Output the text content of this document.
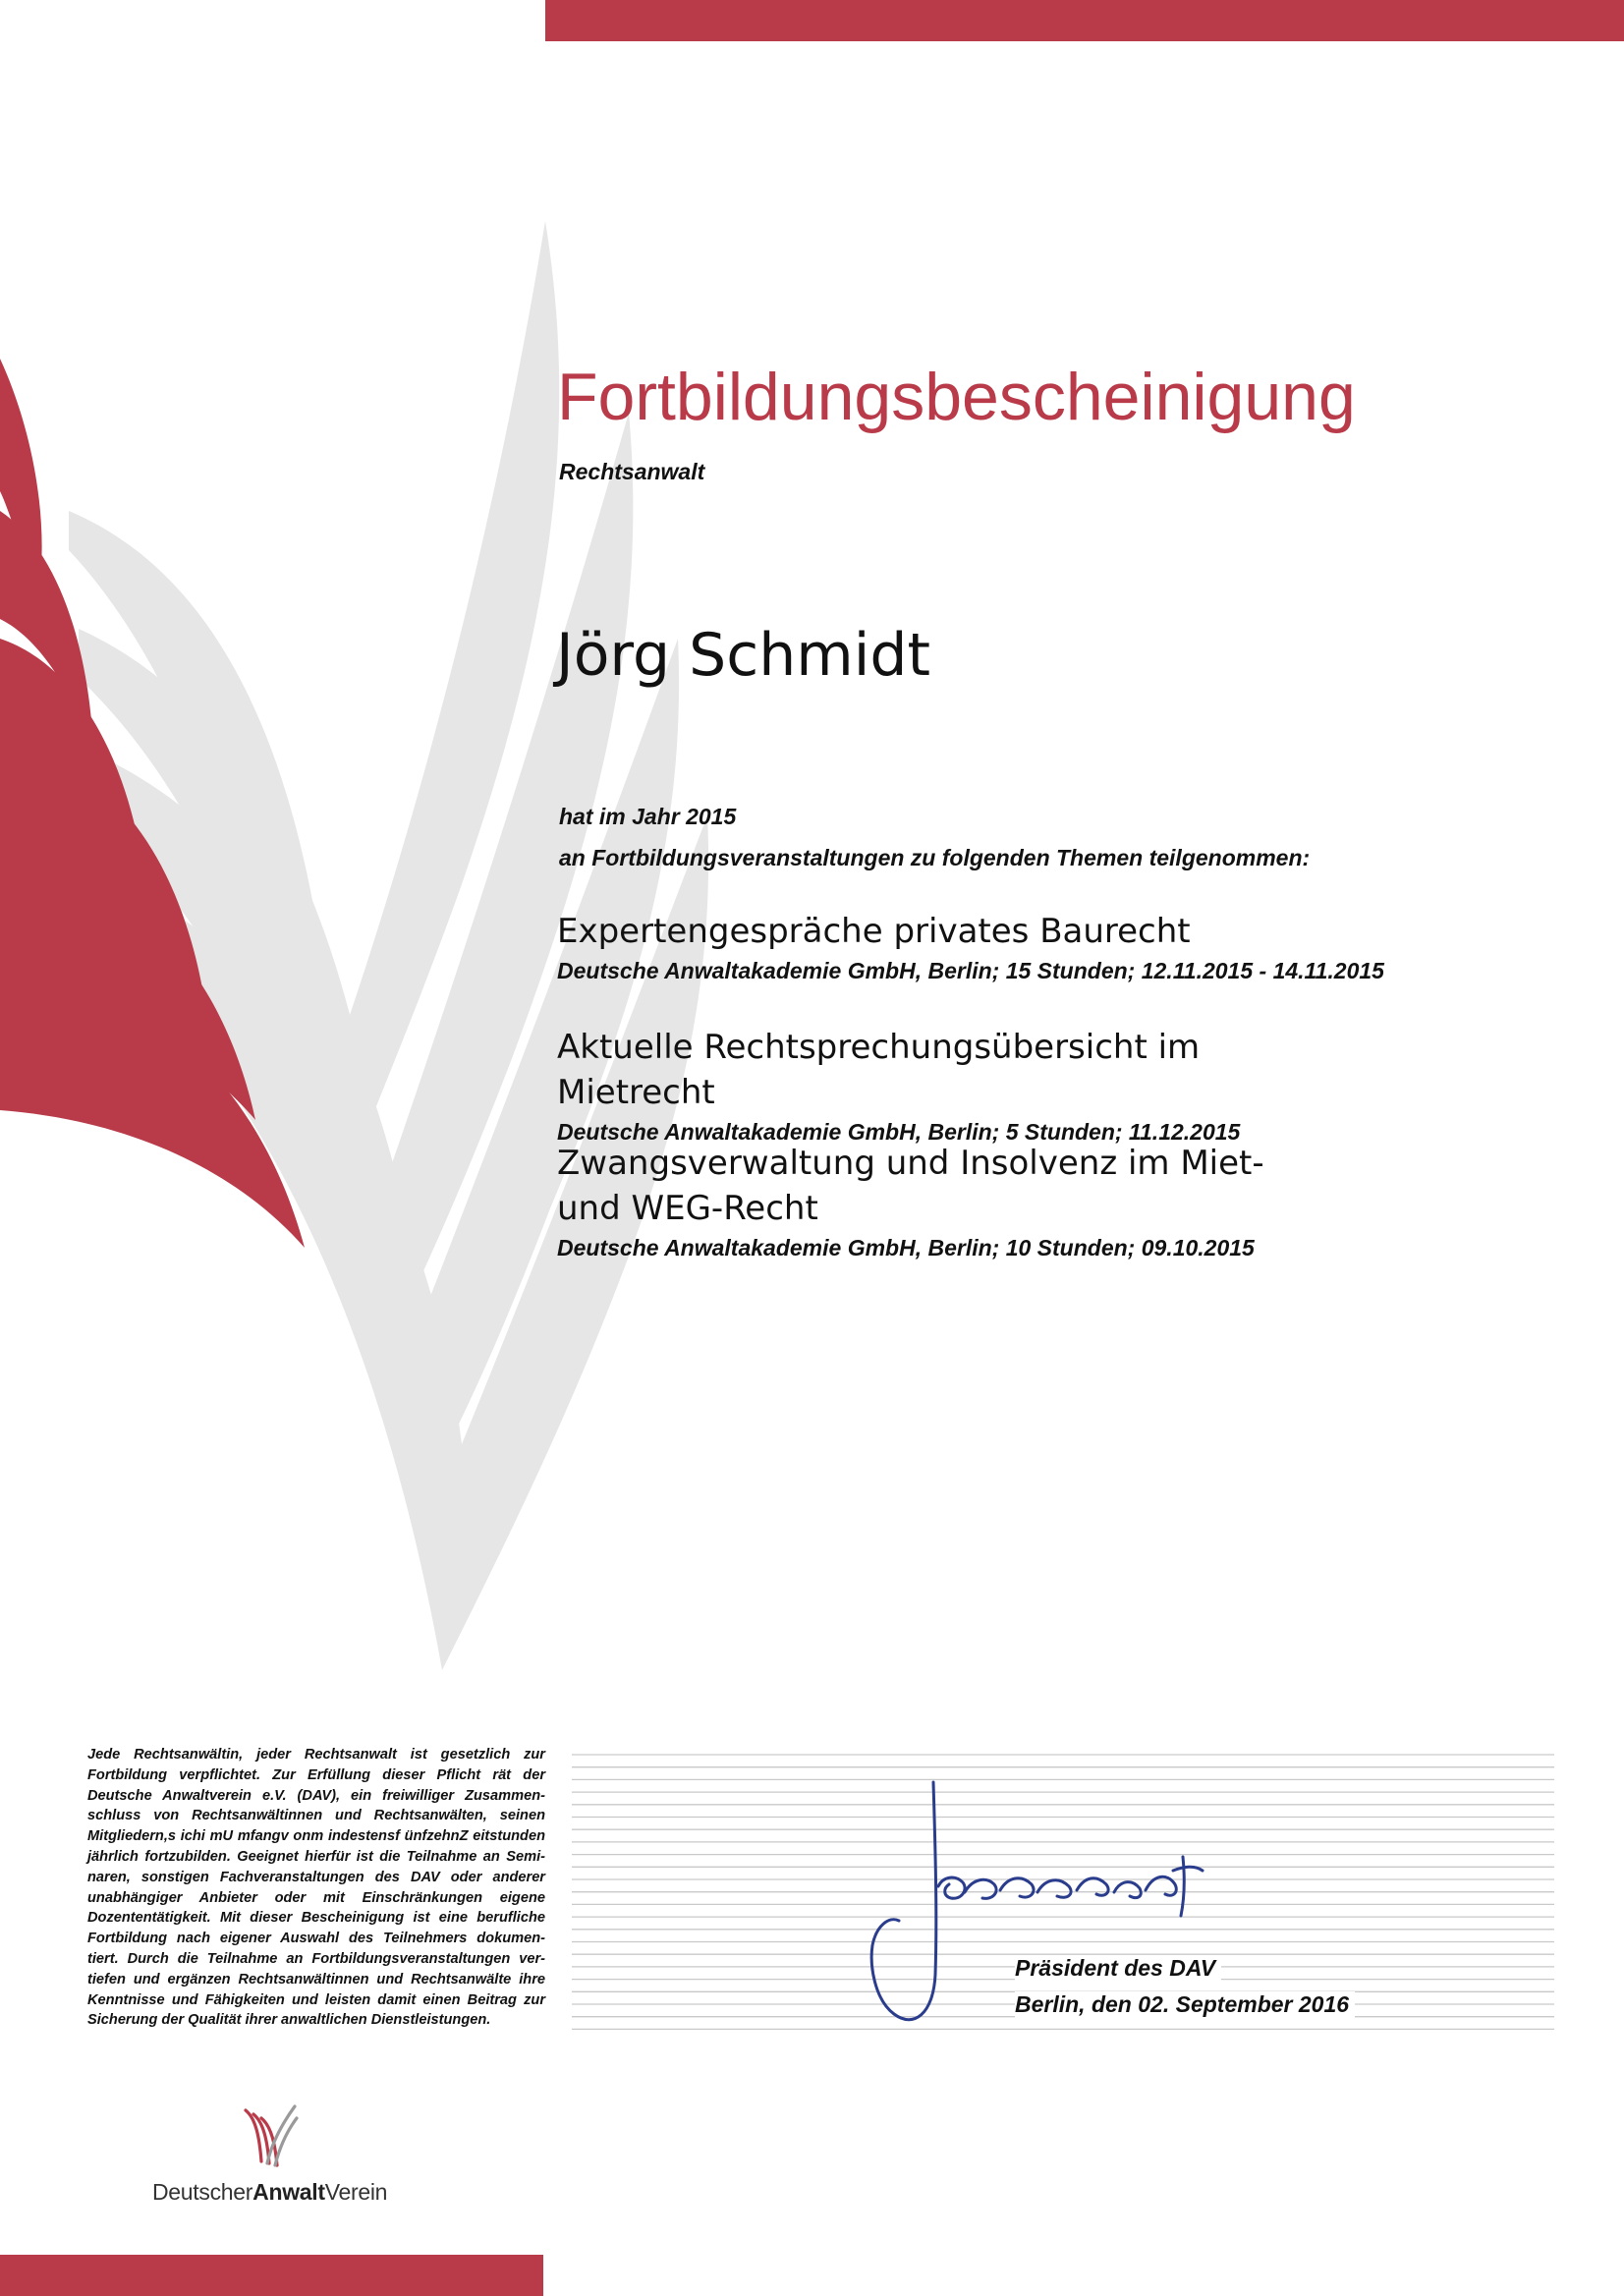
Fortbildungsbescheinigung
Rechtsanwalt
Jörg Schmidt
hat im Jahr 2015
an Fortbildungsveranstaltungen zu folgenden Themen teilgenommen:
Expertengespräche privates Baurecht
Deutsche Anwaltakademie GmbH, Berlin; 15 Stunden; 12.11.2015 - 14.11.2015
Aktuelle Rechtsprechungsübersicht im Mietrecht
Deutsche Anwaltakademie GmbH, Berlin; 5 Stunden; 11.12.2015
Zwangsverwaltung und Insolvenz im Miet- und WEG-Recht
Deutsche Anwaltakademie GmbH, Berlin; 10 Stunden; 09.10.2015
Jede Rechtsanwältin, jeder Rechtsanwalt ist gesetzlich zur Fortbildung verpflichtet. Zur Erfüllung dieser Pflicht rät der Deutsche Anwaltverein e.V. (DAV), ein freiwilliger Zusammen- schluss von Rechtsanwältinnen und Rechtsanwälten, seinen Mitgliedern,s ichi mU mfangv onm indestensf ünfzehnZ eitstunden jährlich fortzubilden. Geeignet hierfür ist die Teilnahme an Semi- naren, sonstigen Fachveranstaltungen des DAV oder anderer unabhängiger Anbieter oder mit Einschränkungen eigene Dozententätigkeit. Mit dieser Bescheinigung ist eine berufliche Fortbildung nach eigener Auswahl des Teilnehmers dokumen- tiert. Durch die Teilnahme an Fortbildungsveranstaltungen ver- tiefen und ergänzen Rechtsanwältinnen und Rechtsanwälte ihre Kenntnisse und Fähigkeiten und leisten damit einen Beitrag zur Sicherung der Qualität ihrer anwaltlichen Dienstleistungen.
Präsident des DAV
Berlin, den 02. September 2016
DeutscherAnwaltVerein
